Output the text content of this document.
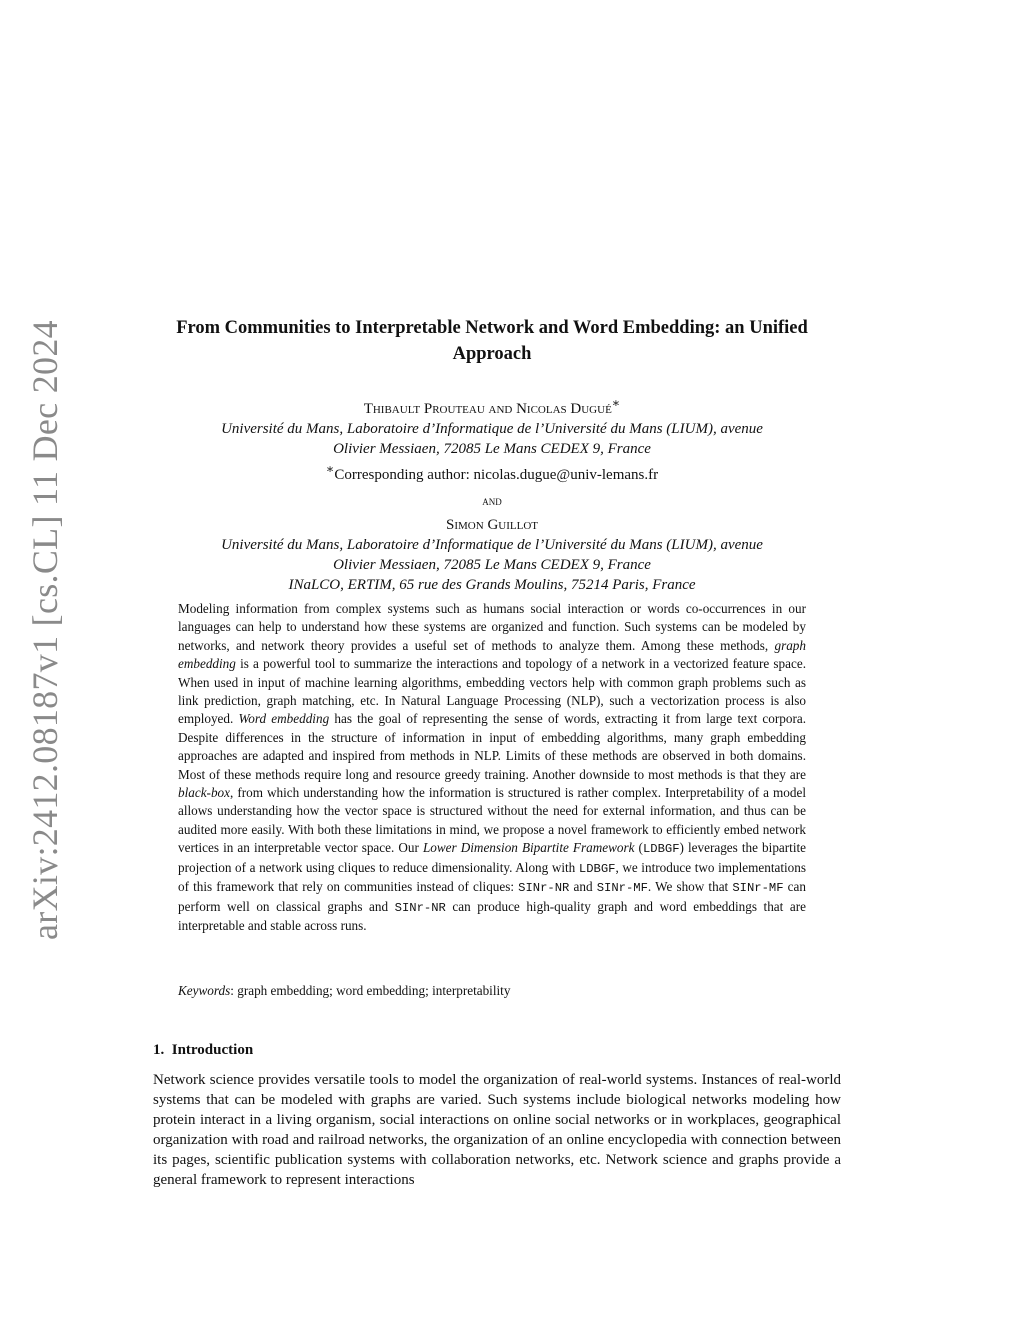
arXiv:2412.08187v1 [cs.CL] 11 Dec 2024	From Communities to Interpretable Network and Word Embedding: an Unified Approach
Thibault Prouteau and Nicolas Dugué∗
Université du Mans, Laboratoire d’Informatique de l’Université du Mans (LIUM), avenue
Olivier Messiaen, 72085 Le Mans CEDEX 9, France
∗Corresponding author: nicolas.dugue@univ-lemans.fr
and
Simon Guillot
Université du Mans, Laboratoire d’Informatique de l’Université du Mans (LIUM), avenue
Olivier Messiaen, 72085 Le Mans CEDEX 9, France
INaLCO, ERTIM, 65 rue des Grands Moulins, 75214 Paris, France

Modeling information from complex systems such as humans social interaction or words co-occurrences in our languages can help to understand how these systems are organized and function. Such systems can be modeled by networks, and network theory provides a useful set of methods to analyze them. Among these methods, graph embedding is a powerful tool to summarize the interactions and topology of a network in a vectorized feature space. When used in input of machine learning algorithms, embedding vectors help with common graph problems such as link prediction, graph matching, etc. In Natural Language Processing (NLP), such a vectorization process is also employed. Word embedding has the goal of representing the sense of words, extracting it from large text corpora. Despite differences in the structure of information in input of embedding algorithms, many graph embedding approaches are adapted and inspired from methods in NLP. Limits of these methods are observed in both domains. Most of these methods require long and resource greedy training. Another downside to most methods is that they are black-box, from which understanding how the information is structured is rather complex. Interpretability of a model allows understanding how the vector space is structured without the need for external information, and thus can be audited more easily. With both these limitations in mind, we propose a novel framework to efficiently embed network vertices in an interpretable vector space. Our Lower Dimension Bipartite Framework (LDBGF) leverages the bipartite projection of a network using cliques to reduce dimensionality. Along with LDBGF, we introduce two implementations of this framework that rely on communities instead of cliques: SINr-NR and SINr-MF. We show that SINr-MF can perform well on classical graphs and SINr-NR can produce high-quality graph and word embeddings that are interpretable and stable across runs.

Keywords: graph embedding; word embedding; interpretability
1. Introduction

Network science provides versatile tools to model the organization of real-world systems. Instances of real-world systems that can be modeled with graphs are varied. Such systems include biological networks modeling how protein interact in a living organism, social interactions on online social networks or in workplaces, geographical organization with road and railroad networks, the organization of an online encyclopedia with connection between its pages, scientific publication systems with collaboration networks, etc. Network science and graphs provide a general framework to represent interactions
